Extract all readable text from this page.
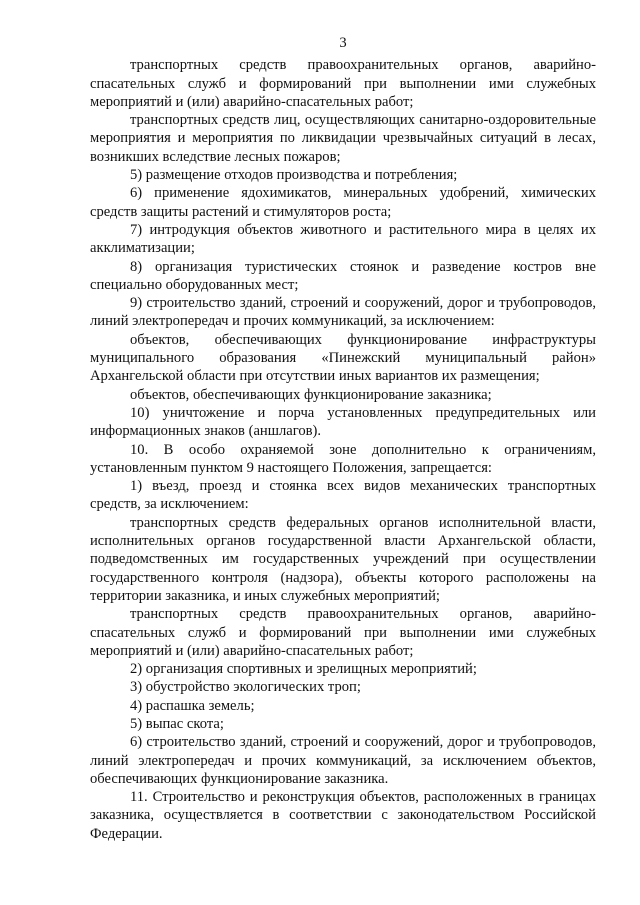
3

транспортных средств правоохранительных органов, аварийно-спасательных служб и формирований при выполнении ими служебных мероприятий и (или) аварийно-спасательных работ;

транспортных средств лиц, осуществляющих санитарно-оздоровительные мероприятия и мероприятия по ликвидации чрезвычайных ситуаций в лесах, возникших вследствие лесных пожаров;

5) размещение отходов производства и потребления;

6) применение ядохимикатов, минеральных удобрений, химических средств защиты растений и стимуляторов роста;

7) интродукция объектов животного и растительного мира в целях их акклиматизации;

8) организация туристических стоянок и разведение костров вне специально оборудованных мест;

9) строительство зданий, строений и сооружений, дорог и трубопроводов, линий электропередач и прочих коммуникаций, за исключением:

объектов, обеспечивающих функционирование инфраструктуры муниципального образования «Пинежский муниципальный район» Архангельской области при отсутствии иных вариантов их размещения;

объектов, обеспечивающих функционирование заказника;

10) уничтожение и порча установленных предупредительных или информационных знаков (аншлагов).

10. В особо охраняемой зоне дополнительно к ограничениям, установленным пунктом 9 настоящего Положения, запрещается:

1) въезд, проезд и стоянка всех видов механических транспортных средств, за исключением:

транспортных средств федеральных органов исполнительной власти, исполнительных органов государственной власти Архангельской области, подведомственных им государственных учреждений при осуществлении государственного контроля (надзора), объекты которого расположены на территории заказника, и иных служебных мероприятий;

транспортных средств правоохранительных органов, аварийно-спасательных служб и формирований при выполнении ими служебных мероприятий и (или) аварийно-спасательных работ;

2) организация спортивных и зрелищных мероприятий;

3) обустройство экологических троп;

4) распашка земель;

5) выпас скота;

6) строительство зданий, строений и сооружений, дорог и трубопроводов, линий электропередач и прочих коммуникаций, за исключением объектов, обеспечивающих функционирование заказника.

11. Строительство и реконструкция объектов, расположенных в границах заказника, осуществляется в соответствии с законодательством Российской Федерации.
